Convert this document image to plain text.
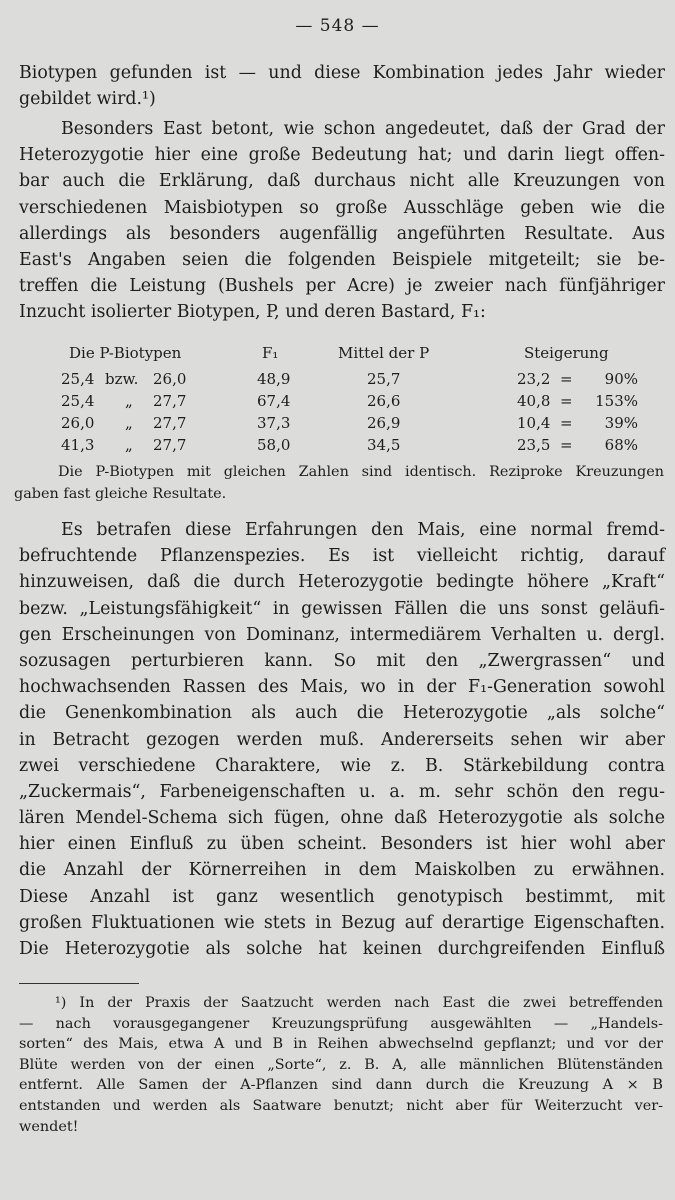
— 548 —
Biotypen gefunden ist — und diese Kombination jedes Jahr wieder
gebildet wird.¹)
Besonders East betont, wie schon angedeutet, daß der Grad der
Heterozygotie hier eine große Bedeutung hat; und darin liegt offen-
bar auch die Erklärung, daß durchaus nicht alle Kreuzungen von
verschiedenen Maisbiotypen so große Ausschläge geben wie die
allerdings als besonders augenfällig angeführten Resultate. Aus
East's Angaben seien die folgenden Beispiele mitgeteilt; sie be-
treffen die Leistung (Bushels per Acre) je zweier nach fünfjähriger
Inzucht isolierter Biotypen, P, und deren Bastard, F₁:
Die P-Biotypen	F₁	Mittel der P	Steigerung
25,4 bzw. 26,0	48,9	25,7	23,2 =	90%
25,4 „ 27,7	67,4	26,6	40,8 = 153%
26,0 „ 27,7	37,3	26,9	10,4 =	39%
41,3 „ 27,7	58,0	34,5	23,5 =	68%
Die P-Biotypen mit gleichen Zahlen sind identisch. Reziproke Kreuzungen
gaben fast gleiche Resultate.
Es betrafen diese Erfahrungen den Mais, eine normal fremd-
befruchtende Pflanzenspezies. Es ist vielleicht richtig, darauf
hinzuweisen, daß die durch Heterozygotie bedingte höhere „Kraft“
bezw. „Leistungsfähigkeit“ in gewissen Fällen die uns sonst geläufi-
gen Erscheinungen von Dominanz, intermediärem Verhalten u. dergl.
sozusagen perturbieren kann. So mit den „Zwergrassen“ und
hochwachsenden Rassen des Mais, wo in der F₁-Generation sowohl
die Genenkombination als auch die Heterozygotie „als solche“
in Betracht gezogen werden muß. Andererseits sehen wir aber
zwei verschiedene Charaktere, wie z. B. Stärkebildung contra
„Zuckermais“, Farbeneigenschaften u. a. m. sehr schön den regu-
lären Mendel-Schema sich fügen, ohne daß Heterozygotie als solche
hier einen Einfluß zu üben scheint. Besonders ist hier wohl aber
die Anzahl der Körnerreihen in dem Maiskolben zu erwähnen.
Diese Anzahl ist ganz wesentlich genotypisch bestimmt, mit
großen Fluktuationen wie stets in Bezug auf derartige Eigenschaften.
Die Heterozygotie als solche hat keinen durchgreifenden Einfluß
¹) In der Praxis der Saatzucht werden nach East die zwei betreffenden
— nach vorausgegangener Kreuzungsprüfung ausgewählten — „Handels-
sorten“ des Mais, etwa A und B in Reihen abwechselnd gepflanzt; und vor der
Blüte werden von der einen „Sorte“, z. B. A, alle männlichen Blütenständen
entfernt. Alle Samen der A-Pflanzen sind dann durch die Kreuzung A × B
entstanden und werden als Saatware benutzt; nicht aber für Weiterzucht ver-
wendet!
